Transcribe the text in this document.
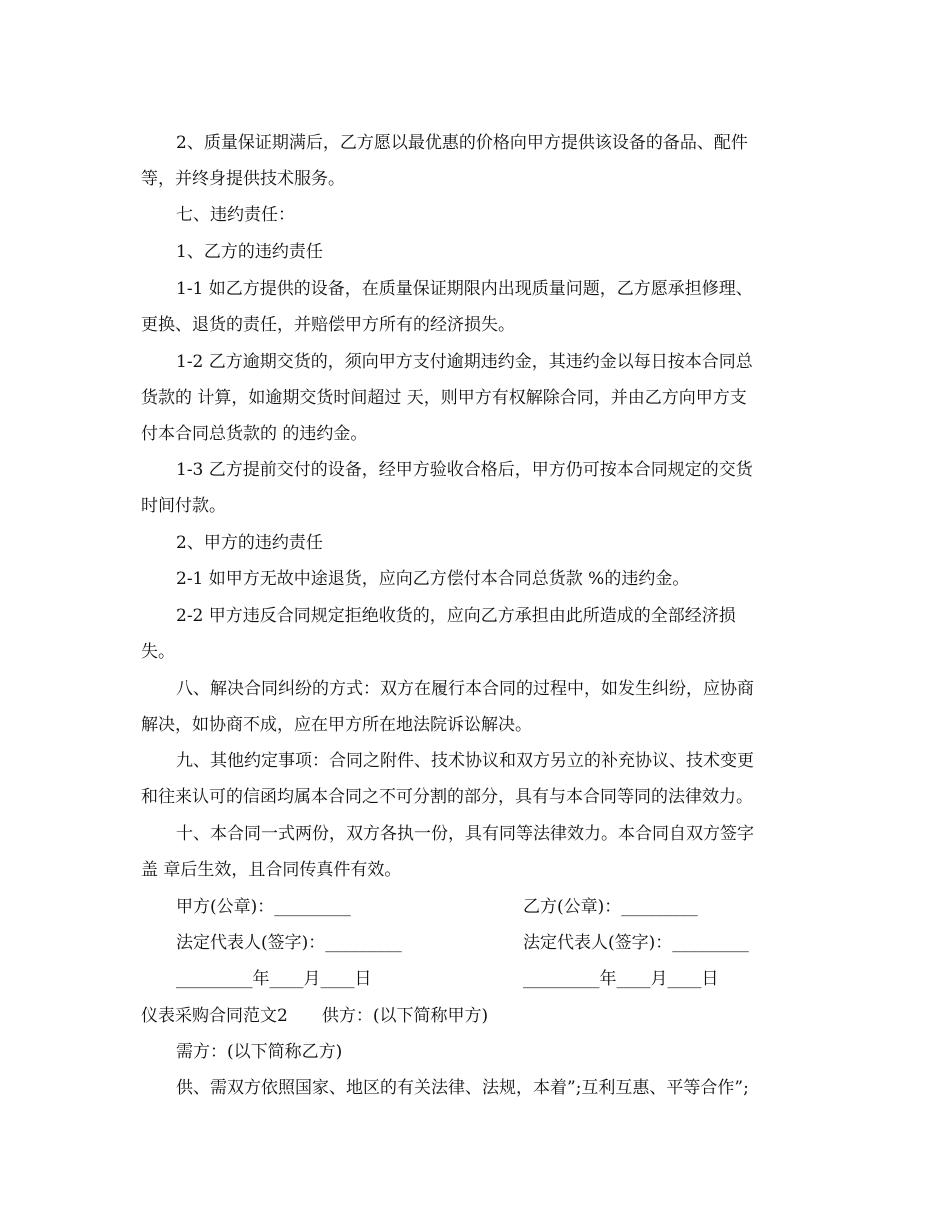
2、质量保证期满后，乙方愿以最优惠的价格向甲方提供该设备的备品、配件
等，并终身提供技术服务。
七、违约责任：
1、乙方的违约责任
1-1 如乙方提供的设备，在质量保证期限内出现质量问题，乙方愿承担修理、
更换、退货的责任，并赔偿甲方所有的经济损失。
1-2 乙方逾期交货的，须向甲方支付逾期违约金，其违约金以每日按本合同总
货款的 计算，如逾期交货时间超过 天，则甲方有权解除合同，并由乙方向甲方支
付本合同总货款的 的违约金。
1-3 乙方提前交付的设备，经甲方验收合格后，甲方仍可按本合同规定的交货
时间付款。
2、甲方的违约责任
2-1 如甲方无故中途退货，应向乙方偿付本合同总货款 %的违约金。
2-2 甲方违反合同规定拒绝收货的，应向乙方承担由此所造成的全部经济损
失。
八、解决合同纠纷的方式：双方在履行本合同的过程中，如发生纠纷，应协商
解决，如协商不成，应在甲方所在地法院诉讼解决。
九、其他约定事项：合同之附件、技术协议和双方另立的补充协议、技术变更
和往来认可的信函均属本合同之不可分割的部分，具有与本合同等同的法律效力。
十、本合同一式两份，双方各执一份，具有同等法律效力。本合同自双方签字
盖 章后生效，且合同传真件有效。
甲方(公章)：_________	乙方(公章)：_________
法定代表人(签字)：_________	法定代表人(签字)：_________
_________年____月____日	_________年____月____日
仪表采购合同范文2　　供方：(以下简称甲方)
需方：(以下简称乙方)
供、需双方依照国家、地区的有关法律、法规，本着”;互利互惠、平等合作”;
